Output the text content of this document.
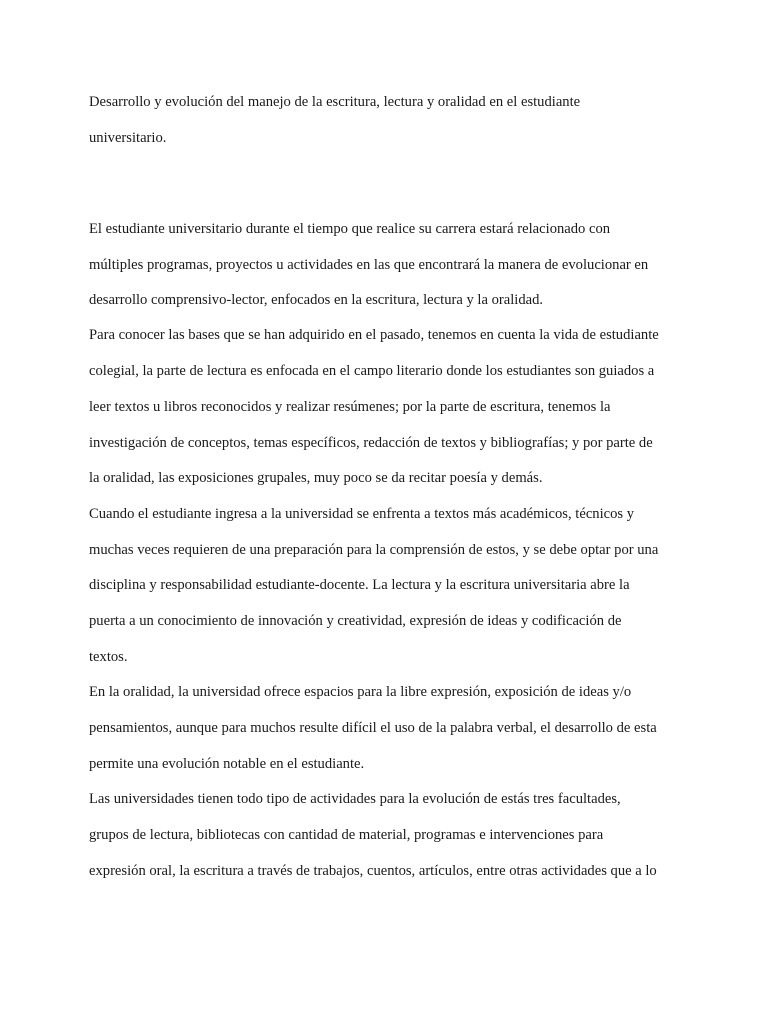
Desarrollo y evolución del manejo de la escritura, lectura y oralidad en el estudiante

universitario.

El estudiante universitario durante el tiempo que realice su carrera estará relacionado con

múltiples programas, proyectos u actividades en las que encontrará la manera de evolucionar en

desarrollo comprensivo-lector, enfocados en la escritura, lectura y la oralidad.

Para conocer las bases que se han adquirido en el pasado, tenemos en cuenta la vida de estudiante

colegial, la parte de lectura es enfocada en el campo literario donde los estudiantes son guiados a

leer textos u libros reconocidos y realizar resúmenes; por la parte de escritura, tenemos la

investigación de conceptos, temas específicos, redacción de textos y bibliografías; y por parte de

la oralidad, las exposiciones grupales, muy poco se da recitar poesía y demás.

Cuando el estudiante ingresa a la universidad se enfrenta a textos más académicos, técnicos y

muchas veces requieren de una preparación para la comprensión de estos, y se debe optar por una

disciplina y responsabilidad estudiante-docente. La lectura y la escritura universitaria abre la

puerta a un conocimiento de innovación y creatividad, expresión de ideas y codificación de

textos.

En la oralidad, la universidad ofrece espacios para la libre expresión, exposición de ideas y/o

pensamientos, aunque para muchos resulte difícil el uso de la palabra verbal, el desarrollo de esta

permite una evolución notable en el estudiante.

Las universidades tienen todo tipo de actividades para la evolución de estás tres facultades,

grupos de lectura, bibliotecas con cantidad de material, programas e intervenciones para

expresión oral, la escritura a través de trabajos, cuentos, artículos, entre otras actividades que a lo
